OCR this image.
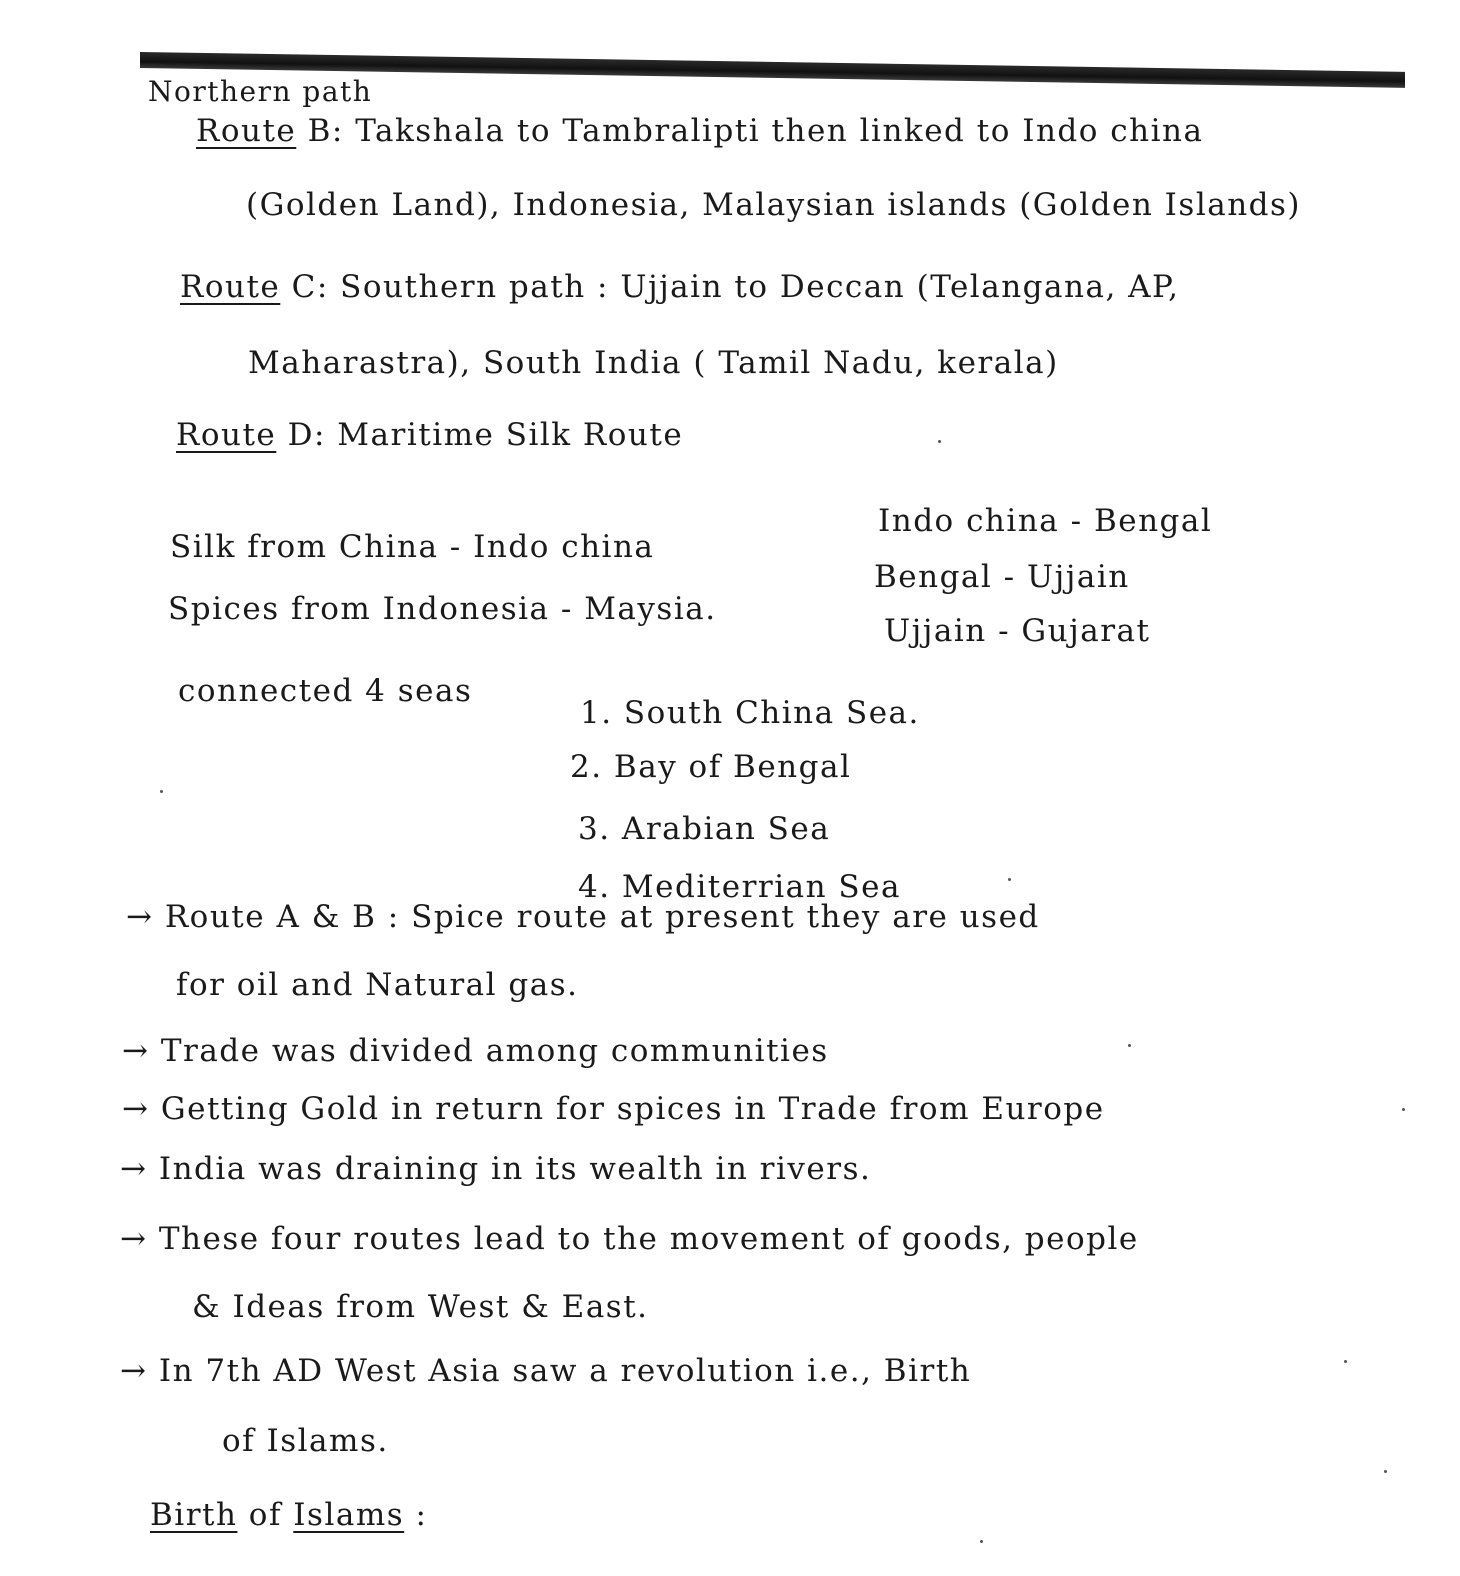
Northern path
Route B: Takshala to Tambralipti then linked to Indo china
(Golden Land), Indonesia, Malaysian islands (Golden Islands)
Route C: Southern path : Ujjain to Deccan (Telangana, AP,
Maharastra), South India ( Tamil Nadu, kerala)
Route D: Maritime Silk Route
Indo china - Bengal
Silk from China - Indo china
Bengal - Ujjain
Spices from Indonesia - Maysia.
Ujjain - Gujarat
connected 4 seas
1. South China Sea.
2. Bay of Bengal
3. Arabian Sea
4. Mediterrian Sea
→ Route A & B : Spice route at present they are used
for oil and Natural gas.
→ Trade was divided among communities
→ Getting Gold in return for spices in Trade from Europe
→ India was draining in its wealth in rivers.
→ These four routes lead to the movement of goods, people
& Ideas from West & East.
→ In 7th AD West Asia saw a revolution i.e., Birth
of Islams.
Birth of Islams :
